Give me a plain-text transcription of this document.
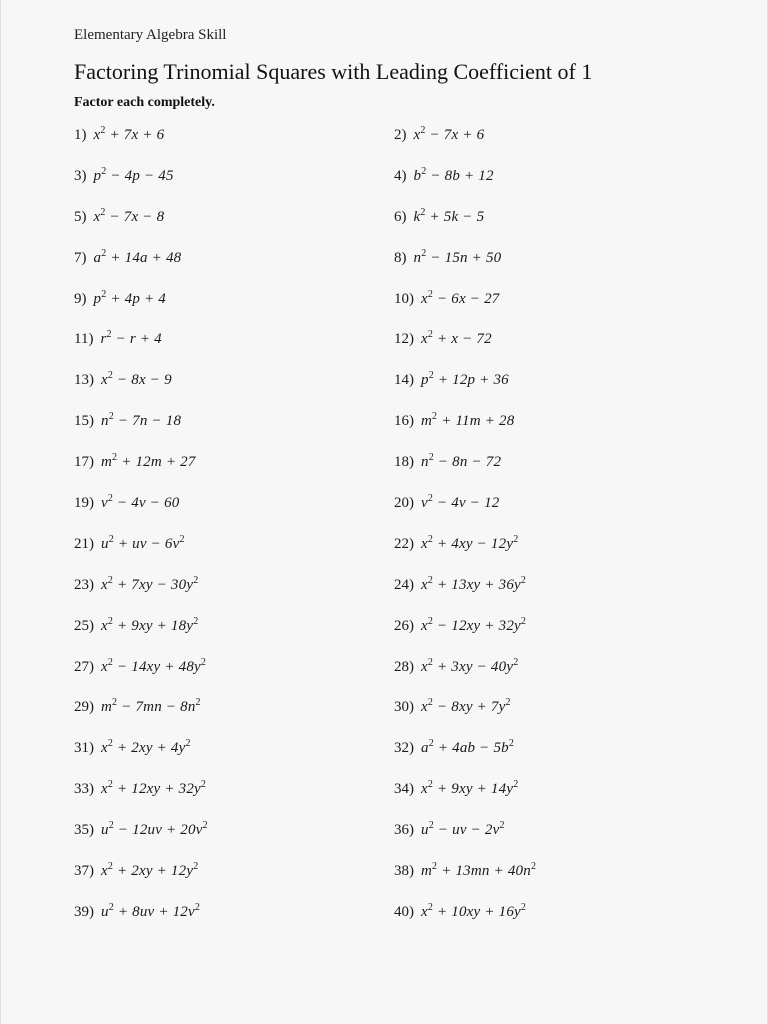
Elementary Algebra Skill
Factoring Trinomial Squares with Leading Coefficient of 1
Factor each completely.
1) $x^2 + 7x + 6$	2) $x^2 - 7x + 6$
3) $p^2 - 4p - 45$	4) $b^2 - 8b + 12$
5) $x^2 - 7x - 8$	6) $k^2 + 5k - 5$
7) $a^2 + 14a + 48$	8) $n^2 - 15n + 50$
9) $p^2 + 4p + 4$	10) $x^2 - 6x - 27$
11) $r^2 - r + 4$	12) $x^2 + x - 72$
13) $x^2 - 8x - 9$	14) $p^2 + 12p + 36$
15) $n^2 - 7n - 18$	16) $m^2 + 11m + 28$
17) $m^2 + 12m + 27$	18) $n^2 - 8n - 72$
19) $v^2 - 4v - 60$	20) $v^2 - 4v - 12$
21) $u^2$ + uv − $6v^2$	22) $x^2 + 4xy - 12y^2$
23) $x^2 + 7xy - 30y^2$	24) $x^2 + 13xy + 36y^2$
25) $x^2 + 9xy + 18y^2$	26) $x^2 - 12xy + 32y^2$
27) $x^2 - 14xy + 48y^2$	28) $x^2 + 3xy - 40y^2$
29) $m^2 - 7mn - 8n^2$	30) $x^2 - 8xy + 7y^2$
31) $x^2 + 2xy + 4y^2$	32) $a^2 + 4ab - 5b^2$
33) $x^2 + 12xy + 32y^2$	34) $x^2 + 9xy + 14y^2$
35) $u^2 - 12uv + 20v^2$	36) $u^2$ − uv − $2v^2$
37) $x^2 + 2xy + 12y^2$	38) $m^2 + 13mn + 40n^2$
39) $u^2 + 8uv + 12v^2$	40) $x^2 + 10xy + 16y^2$
